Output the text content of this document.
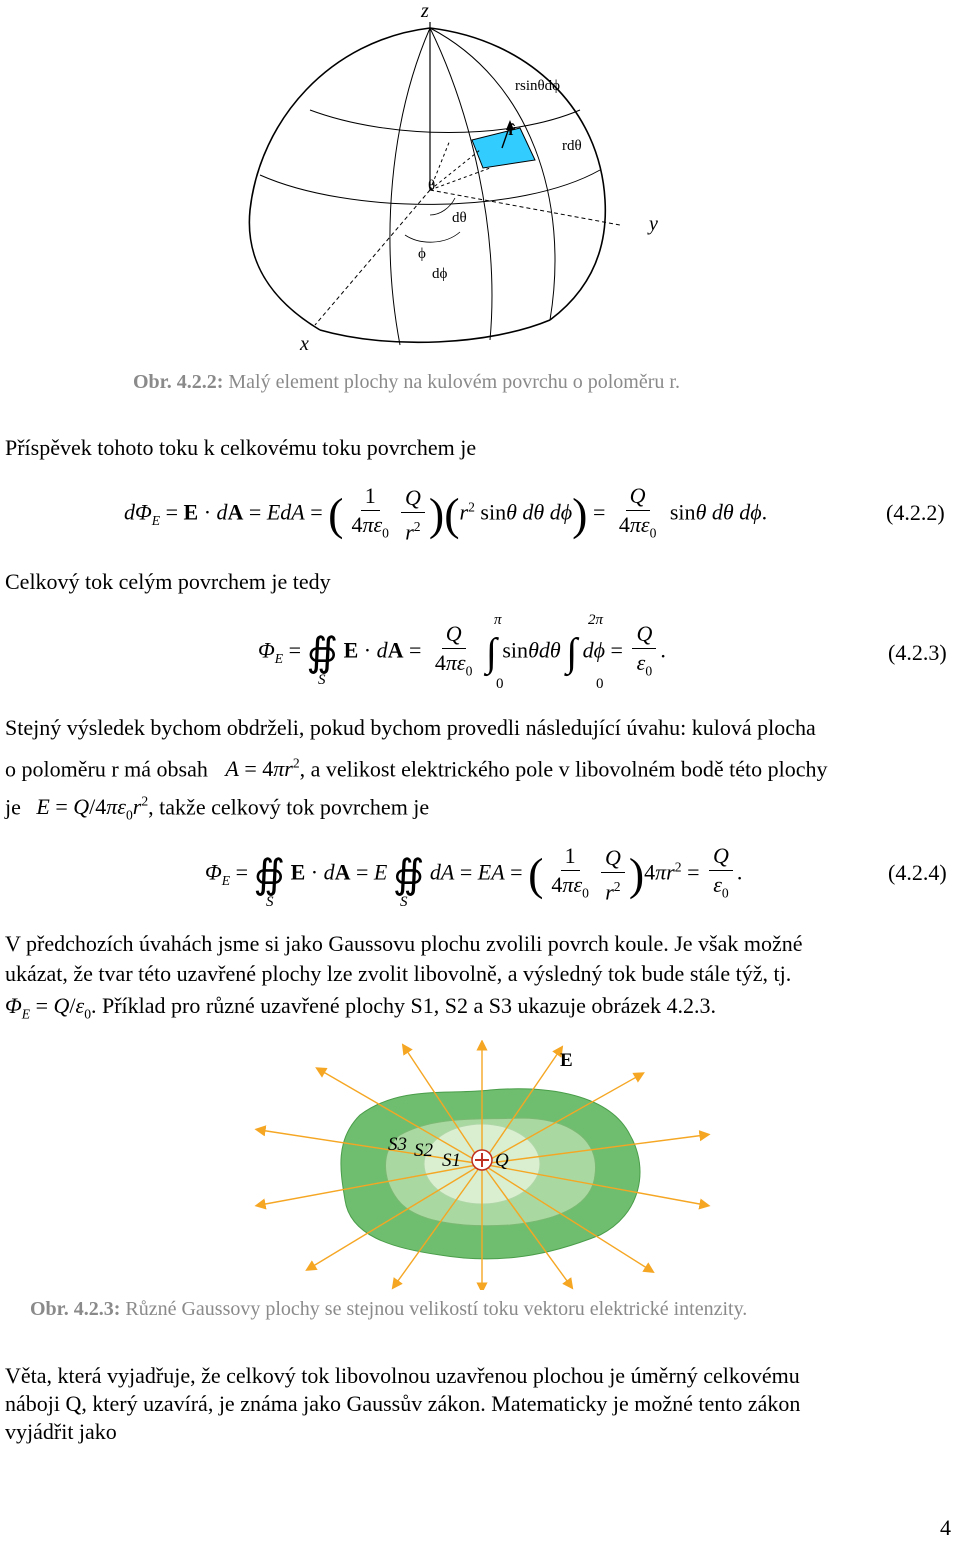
z
y
x
rsinθdϕ
r̂
rdθ
θ
dθ
ϕ
dϕ
Obr. 4.2.2: Malý element plochy na kulovém povrchu o poloměru r.
Příspěvek tohoto toku k celkovému toku povrchem je
$d\Phi_E = E$ · dA = EdA = ( $\frac{1}{4\pi\varepsilon_0} \frac{Q}{r^2} )(r^2$ sinθ dθ $d\phi) = \frac{Q}{4\pi\varepsilon_0}$ sinθ dθ dϕ.	(4.2.2)
Celkový tok celým povrchem je tedy
$\Phi_E$ = ∯ E · dA = $\frac{Q}{4\pi\varepsilon_0}$ ∫ sinθdθ ∫ $d\phi = \frac{Q}{\varepsilon_0}$ .
S
π
0
2π
0
(4.2.3)
Stejný výsledek bychom obdrželi, pokud bychom provedli následující úvahu: kulová plocha
o poloměru r má obsah $A = 4\pi r^2$, a velikost elektrického pole v libovolném bodě této plochy
je $E = Q/4\pi\varepsilon_0r^2$, takže celkový tok povrchem je
$\Phi_E$ = ∯ E · dA = E ∯ dA = EA = ( $\frac{1}{4\pi\varepsilon_0} \frac{Q}{r^2} )4\pi r^2 = \frac{Q}{\varepsilon_0}$ .
S	S
(4.2.4)
V předchozích úvahách jsme si jako Gaussovu plochu zvolili povrch koule. Je však možné
ukázat, že tvar této uzavřené plochy lze zvolit libovolně, a výsledný tok bude stále týž, tj.
$\Phi_E = Q/\varepsilon_0$. Příklad pro různé uzavřené plochy S1, S2 a S3 ukazuje obrázek 4.2.3.
E
S3 S2 S1 Q
Obr. 4.2.3: Různé Gaussovy plochy se stejnou velikostí toku vektoru elektrické intenzity.
Věta, která vyjadřuje, že celkový tok libovolnou uzavřenou plochou je úměrný celkovému
náboji Q, který uzavírá, je známa jako Gaussův zákon. Matematicky je možné tento zákon
vyjádřit jako
4
